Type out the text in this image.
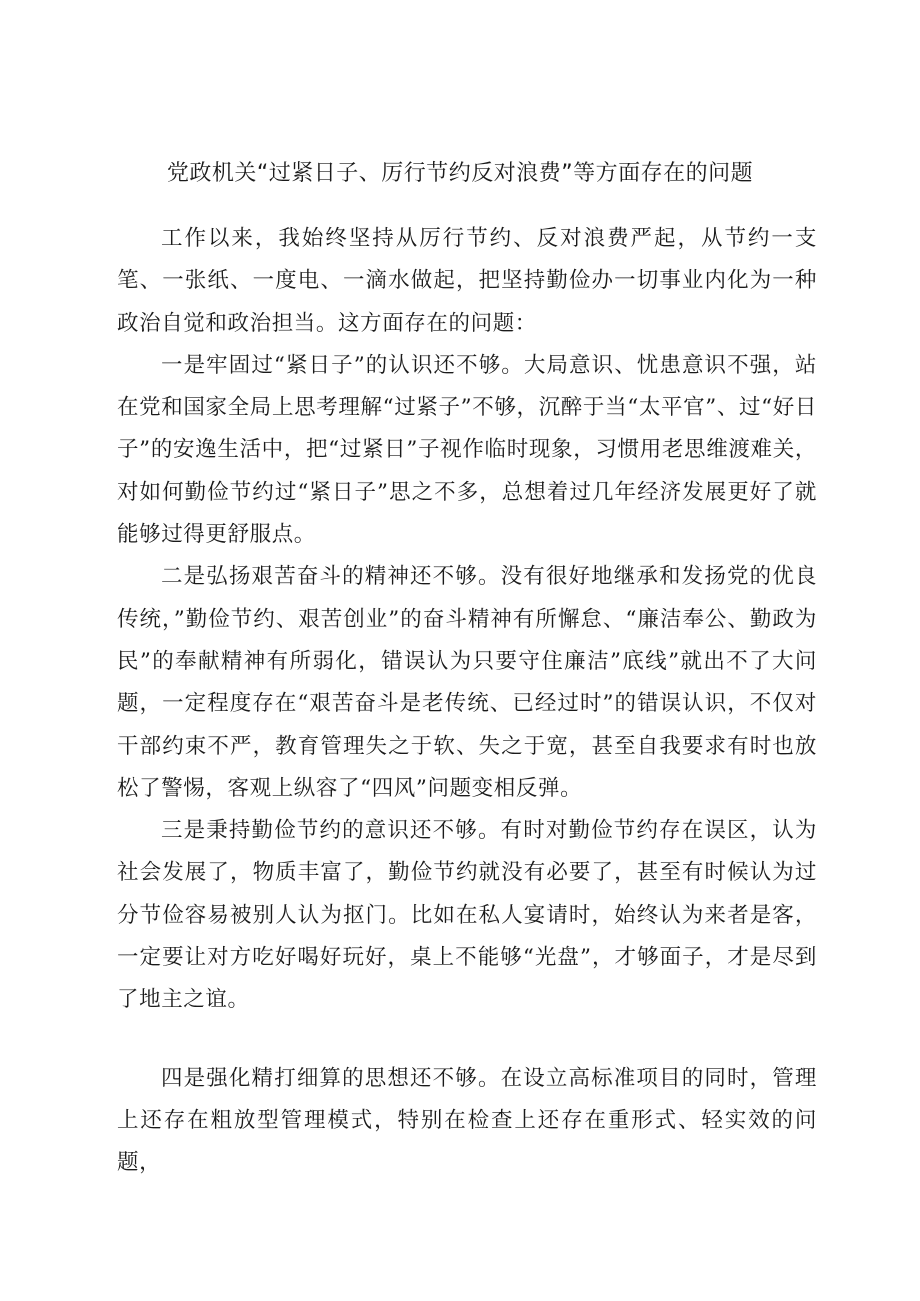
党政机关“过紧日子、厉行节约反对浪费”等方面存在的问题

工作以来，我始终坚持从厉行节约、反对浪费严起，从节约一支笔、一张纸、一度电、一滴水做起，把坚持勤俭办一切事业内化为一种政治自觉和政治担当。这方面存在的问题：

一是牢固过“紧日子”的认识还不够。大局意识、忧患意识不强，站在党和国家全局上思考理解“过紧子”不够，沉醉于当“太平官”、过“好日子”的安逸生活中，把“过紧日”子视作临时现象，习惯用老思维渡难关，对如何勤俭节约过“紧日子”思之不多，总想着过几年经济发展更好了就能够过得更舒服点。

二是弘扬艰苦奋斗的精神还不够。没有很好地继承和发扬党的优良传统，”勤俭节约、艰苦创业”的奋斗精神有所懈怠、“廉洁奉公、勤政为民”的奉献精神有所弱化，错误认为只要守住廉洁”底线”就出不了大问题，一定程度存在“艰苦奋斗是老传统、已经过时”的错误认识，不仅对干部约束不严，教育管理失之于软、失之于宽，甚至自我要求有时也放松了警惕，客观上纵容了“四风”问题变相反弹。

三是秉持勤俭节约的意识还不够。有时对勤俭节约存在误区，认为社会发展了，物质丰富了，勤俭节约就没有必要了，甚至有时候认为过分节俭容易被别人认为抠门。比如在私人宴请时，始终认为来者是客，一定要让对方吃好喝好玩好，桌上不能够“光盘”，才够面子，才是尽到了地主之谊。

四是强化精打细算的思想还不够。在设立高标准项目的同时，管理上还存在粗放型管理模式，特别在检查上还存在重形式、轻实效的问题，
